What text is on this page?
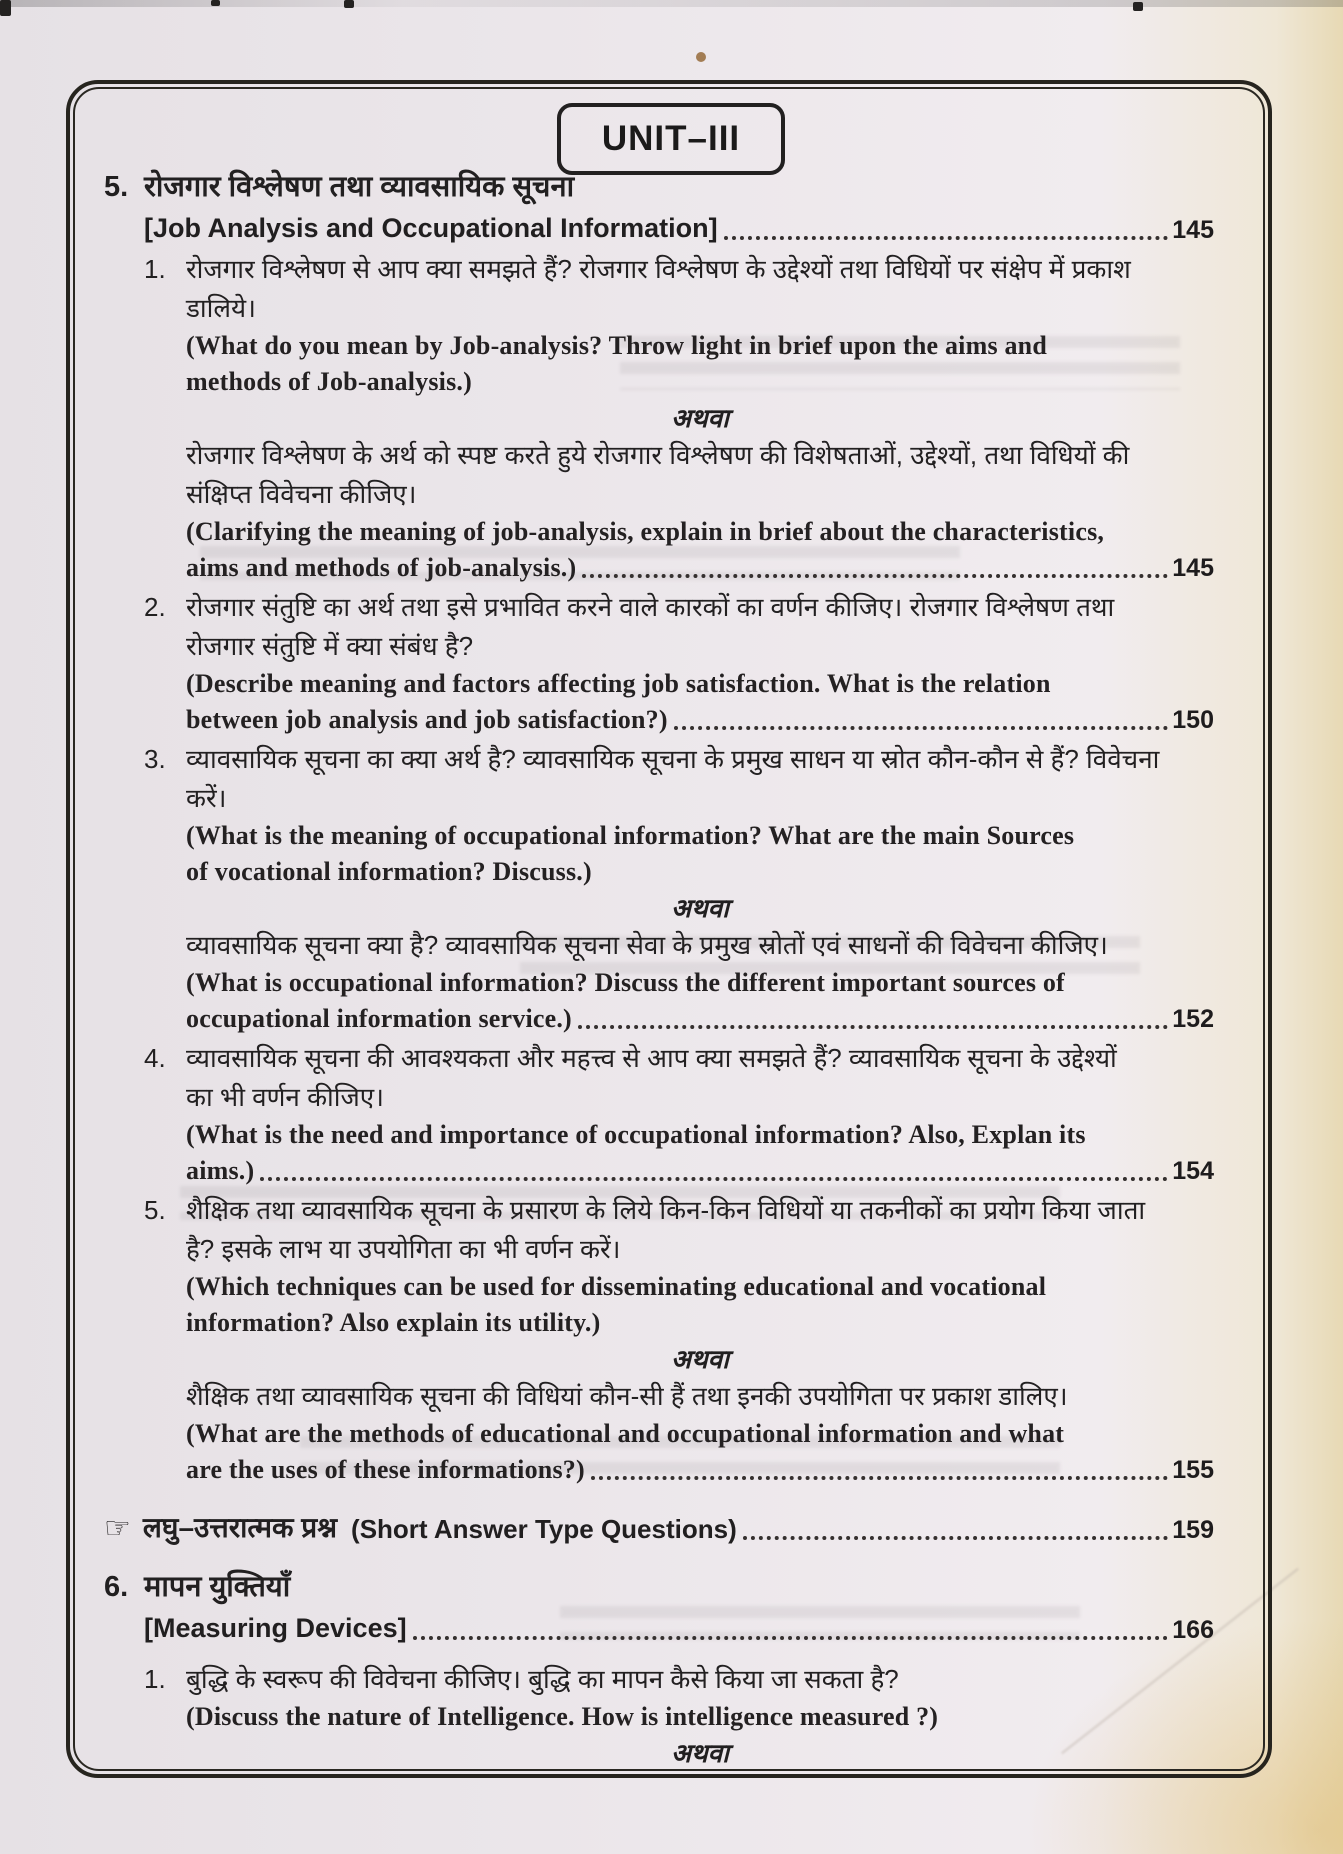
UNIT–III
5. रोजगार विश्लेषण तथा व्यावसायिक सूचना

[Job Analysis and Occupational Information]	145
1. रोजगार विश्लेषण से आप क्या समझते हैं? रोजगार विश्लेषण के उद्देश्यों तथा विधियों पर संक्षेप में प्रकाश

डालिये।

(What do you mean by Job-analysis? Throw light in brief upon the aims and

methods of Job-analysis.)

अथवा

रोजगार विश्लेषण के अर्थ को स्पष्ट करते हुये रोजगार विश्लेषण की विशेषताओं, उद्देश्यों, तथा विधियों की

संक्षिप्त विवेचना कीजिए।

(Clarifying the meaning of job-analysis, explain in brief about the characteristics,

aims and methods of job-analysis.)	145
2. रोजगार संतुष्टि का अर्थ तथा इसे प्रभावित करने वाले कारकों का वर्णन कीजिए। रोजगार विश्लेषण तथा

रोजगार संतुष्टि में क्या संबंध है?

(Describe meaning and factors affecting job satisfaction. What is the relation

between job analysis and job satisfaction?)	150
3. व्यावसायिक सूचना का क्या अर्थ है? व्यावसायिक सूचना के प्रमुख साधन या स्रोत कौन-कौन से हैं? विवेचना

करें।

(What is the meaning of occupational information? What are the main Sources

of vocational information? Discuss.)

अथवा

व्यावसायिक सूचना क्या है? व्यावसायिक सूचना सेवा के प्रमुख स्रोतों एवं साधनों की विवेचना कीजिए।

(What is occupational information? Discuss the different important sources of

occupational information service.)	152
4. व्यावसायिक सूचना की आवश्यकता और महत्त्व से आप क्या समझते हैं? व्यावसायिक सूचना के उद्देश्यों

का भी वर्णन कीजिए।

(What is the need and importance of occupational information? Also, Explan its

aims.)	154
5. शैक्षिक तथा व्यावसायिक सूचना के प्रसारण के लिये किन-किन विधियों या तकनीकों का प्रयोग किया जाता

है? इसके लाभ या उपयोगिता का भी वर्णन करें।

(Which techniques can be used for disseminating educational and vocational

information? Also explain its utility.)

अथवा

शैक्षिक तथा व्यावसायिक सूचना की विधियां कौन-सी हैं तथा इनकी उपयोगिता पर प्रकाश डालिए।

(What are the methods of educational and occupational information and what

are the uses of these informations?)	155
☞ लघु–उत्तरात्मक प्रश्न (Short Answer Type Questions)	159
6. मापन युक्तियाँ

[Measuring Devices]	166
1. बुद्धि के स्वरूप की विवेचना कीजिए। बुद्धि का मापन कैसे किया जा सकता है?

(Discuss the nature of Intelligence. How is intelligence measured ?)

अथवा
